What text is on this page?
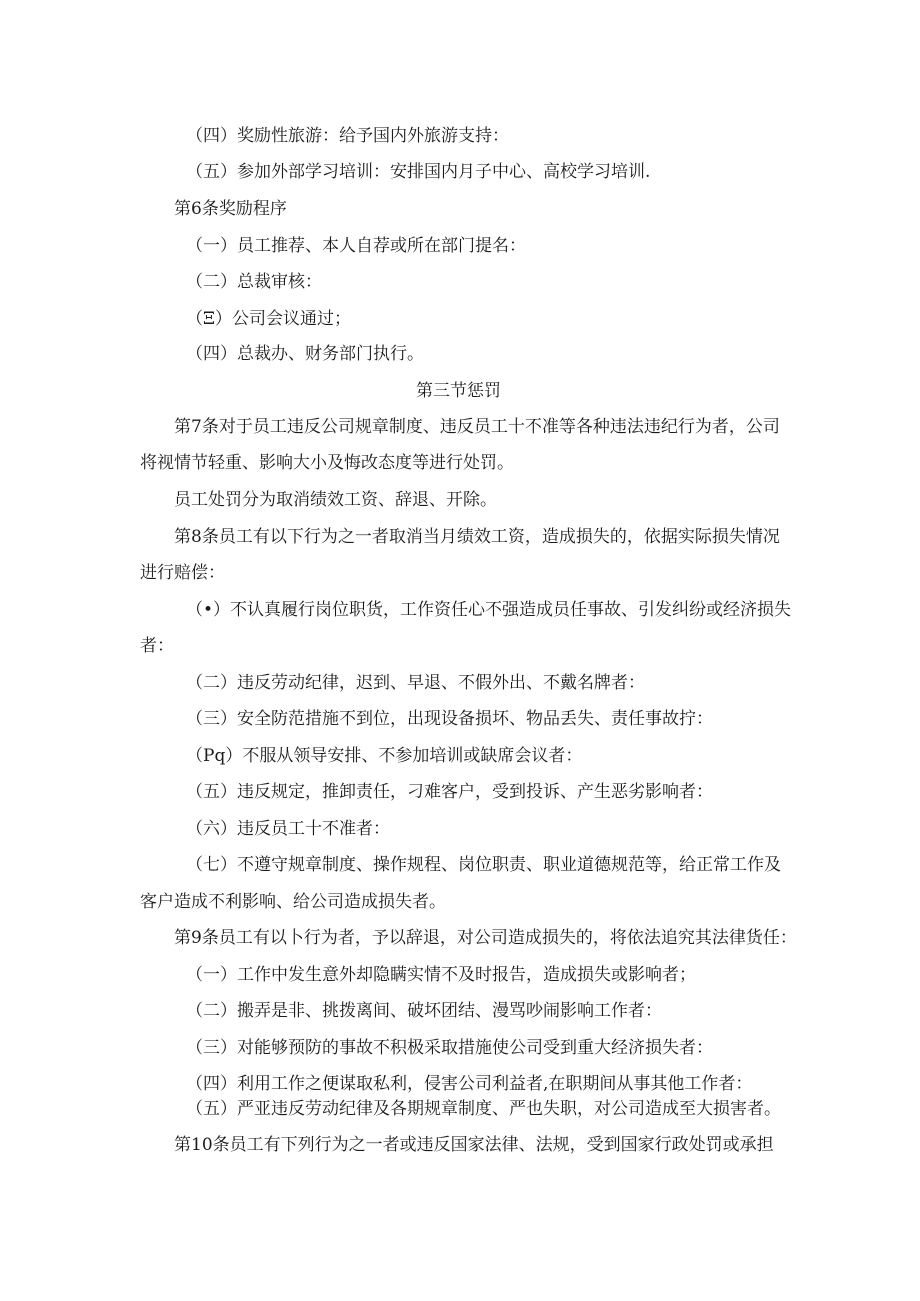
（四）奖励性旅游：给予国内外旅游支持：

（五）参加外部学习培训：安排国内月子中心、高校学习培训.

第6条奖励程序

（一）员工推荐、本人自荐或所在部门提名：

（二）总裁审核：

（Ξ）公司会议通过；

（四）总裁办、财务部门执行。

第三节惩罚

第7条对于员工违反公司规章制度、违反员工十不准等各种违法违纪行为者，公司

将视情节轻重、影响大小及悔改态度等进行处罚。

员工处罚分为取消绩效工资、辞退、开除。

第8条员工有以下行为之一者取消当月绩效工资，造成损失的，依据实际损失情况

进行赔偿：

（•）不认真履行岗位职货，工作资任心不强造成员任事故、引发纠纷或经济损失

者：

（二）违反劳动纪律，迟到、早退、不假外出、不戴名牌者：

（三）安全防范措施不到位，出现设备损坏、物品丢失、责任事故拧：

（Pq）不服从领导安排、不参加培训或缺席会议者：

（五）违反规定，推卸责任，刁难客户，受到投诉、产生恶劣影响者：

（六）违反员工十不准者：

（七）不遵守规章制度、操作规程、岗位职责、职业道德规范等，给正常工作及

客户造成不利影响、给公司造成损失者。

第9条员工有以卜行为者，予以辞退，对公司造成损失的，将依法追究其法律货任：

（一）工作中发生意外却隐瞒实情不及时报告，造成损失或影响者；

（二）搬弄是非、挑拨离间、破坏团结、漫骂吵闹影响工作者：

（三）对能够预防的事故不积极采取措施使公司受到重大经济损失者：

（四）利用工作之便谋取私利，侵害公司利益者,在职期间从事其他工作者：

（五）严亚违反劳动纪律及各期规章制度、严也失职，对公司造成至大损害者。

第10条员工有下列行为之一者或违反国家法律、法规，受到国家行政处罚或承担
